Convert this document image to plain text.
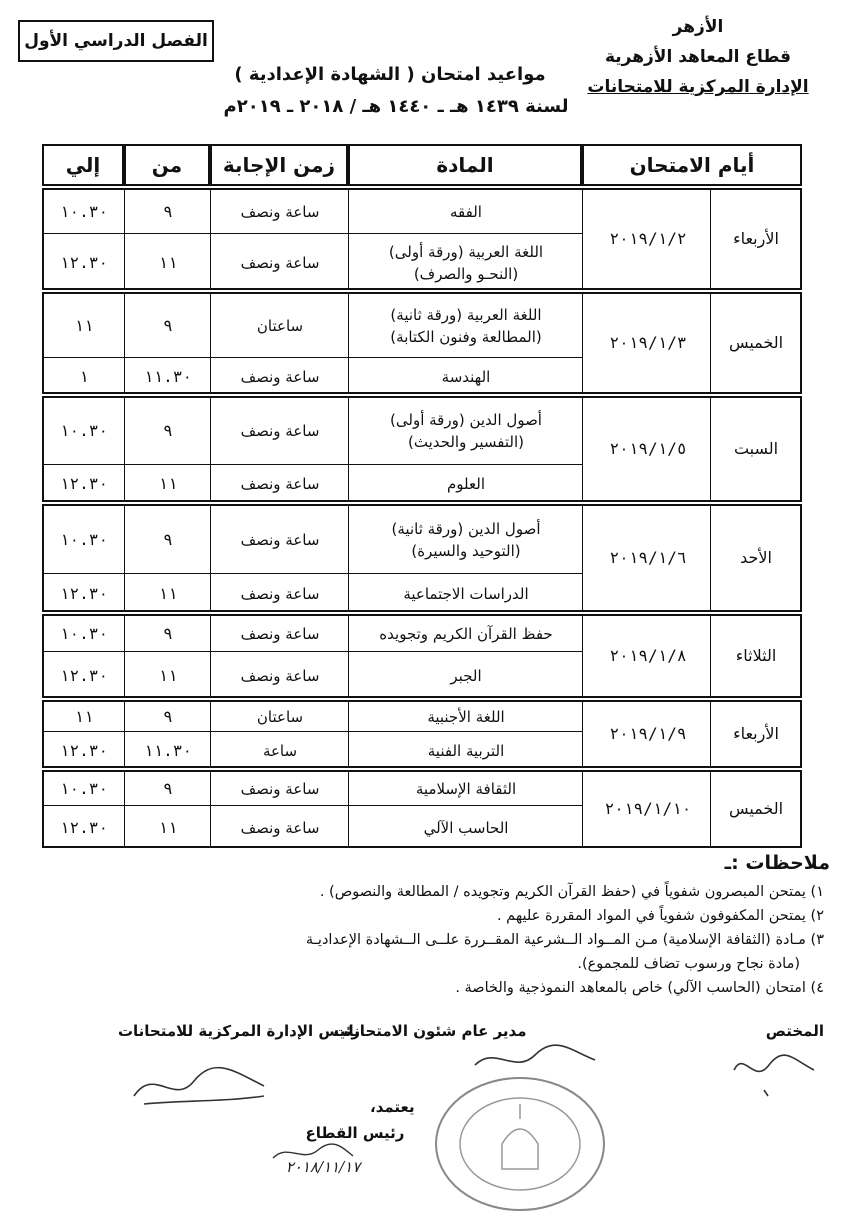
الأزهر
قطاع المعاهد الأزهرية
الإدارة المركزية للامتحانات
الفصل الدراسي الأول
مواعيد امتحان ( الشهادة الإعدادية )
لسنة ١٤٣٩ هـ ـ ١٤٤٠ هـ / ٢٠١٨ ـ ٢٠١٩م
أيام الامتحان
المادة
زمن الإجابة
من
إلي
الأربعاء
٢٠١٩/١/٢
الفقه
ساعة ونصف
٩
١٠.٣٠
اللغة العربية (ورقة أولى)
(النحـو والصرف)
ساعة ونصف
١١
١٢.٣٠
الخميس
٢٠١٩/١/٣
اللغة العربية (ورقة ثانية)
(المطالعة وفنون الكتابة)
ساعتان
٩
١١
الهندسة
ساعة ونصف
١١.٣٠
١
السبت
٢٠١٩/١/٥
أصول الدين (ورقة أولى)
(التفسير والحديث)
ساعة ونصف
٩
١٠.٣٠
العلوم
ساعة ونصف
١١
١٢.٣٠
الأحد
٢٠١٩/١/٦
أصول الدين (ورقة ثانية)
(التوحيد والسيرة)
ساعة ونصف
٩
١٠.٣٠
الدراسات الاجتماعية
ساعة ونصف
١١
١٢.٣٠
الثلاثاء
٢٠١٩/١/٨
حفظ القرآن الكريم وتجويده
ساعة ونصف
٩
١٠.٣٠
الجبر
ساعة ونصف
١١
١٢.٣٠
الأربعاء
٢٠١٩/١/٩
اللغة الأجنبية
ساعتان
٩
١١
التربية الفنية
ساعة
١١.٣٠
١٢.٣٠
الخميس
٢٠١٩/١/١٠
الثقافة الإسلامية
ساعة ونصف
٩
١٠.٣٠
الحاسب الآلي
ساعة ونصف
١١
١٢.٣٠
ملاحظات :ـ
١) يمتحن المبصرون شفوياً في (حفظ القرآن الكريم وتجويده / المطالعة والنصوص) .
٢) يمتحن المكفوفون شفوياً في المواد المقررة عليهم .
٣) مـادة (الثقافة الإسلامية) مـن المــواد الــشرعية المقــررة علــى الــشهادة الإعداديـة
(مادة نجاح ورسوب تضاف للمجموع).
٤) امتحان (الحاسب الآلي) خاص بالمعاهد النموذجية والخاصة .
المختص
مدير عام شئون الامتحانات
رئيس الإدارة المركزية للامتحانات
يعتمد،
رئيس القطاع
٢٠١٨/١١/١٧
